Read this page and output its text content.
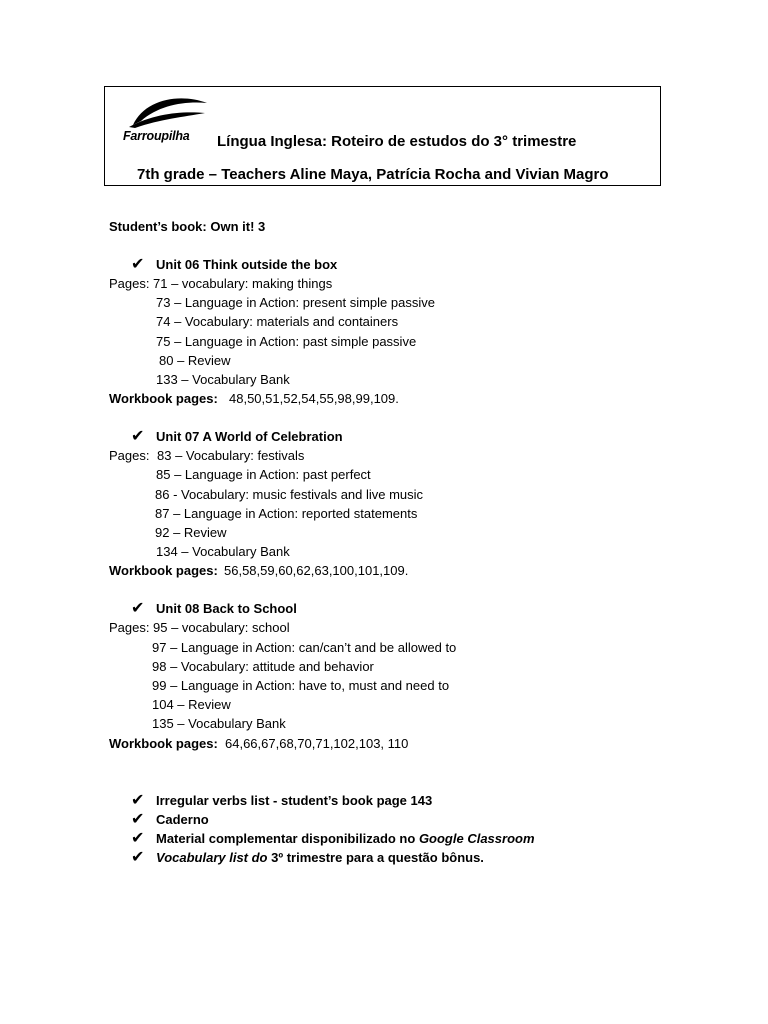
Farroupilha Língua Inglesa: Roteiro de estudos do 3° trimestre
7th grade – Teachers Aline Maya, Patrícia Rocha and Vivian Magro
Student’s book: Own it! 3
✔ Unit 06 Think outside the box
Pages: 71 – vocabulary: making things
73 – Language in Action: present simple passive
74 – Vocabulary: materials and containers
75 – Language in Action: past simple passive
80 – Review
133 – Vocabulary Bank
Workbook pages: 48,50,51,52,54,55,98,99,109.
✔ Unit 07 A World of Celebration
Pages: 83 – Vocabulary: festivals
85 – Language in Action: past perfect
86 - Vocabulary: music festivals and live music
87 – Language in Action: reported statements
92 – Review
134 – Vocabulary Bank
Workbook pages: 56,58,59,60,62,63,100,101,109.
✔ Unit 08 Back to School
Pages: 95 – vocabulary: school
97 – Language in Action: can/can’t and be allowed to
98 – Vocabulary: attitude and behavior
99 – Language in Action: have to, must and need to
104 – Review
135 – Vocabulary Bank
Workbook pages: 64,66,67,68,70,71,102,103, 110
✔ Irregular verbs list - student’s book page 143
✔ Caderno
✔ Material complementar disponibilizado no Google Classroom
✔ Vocabulary list do 3º trimestre para a questão bônus.
